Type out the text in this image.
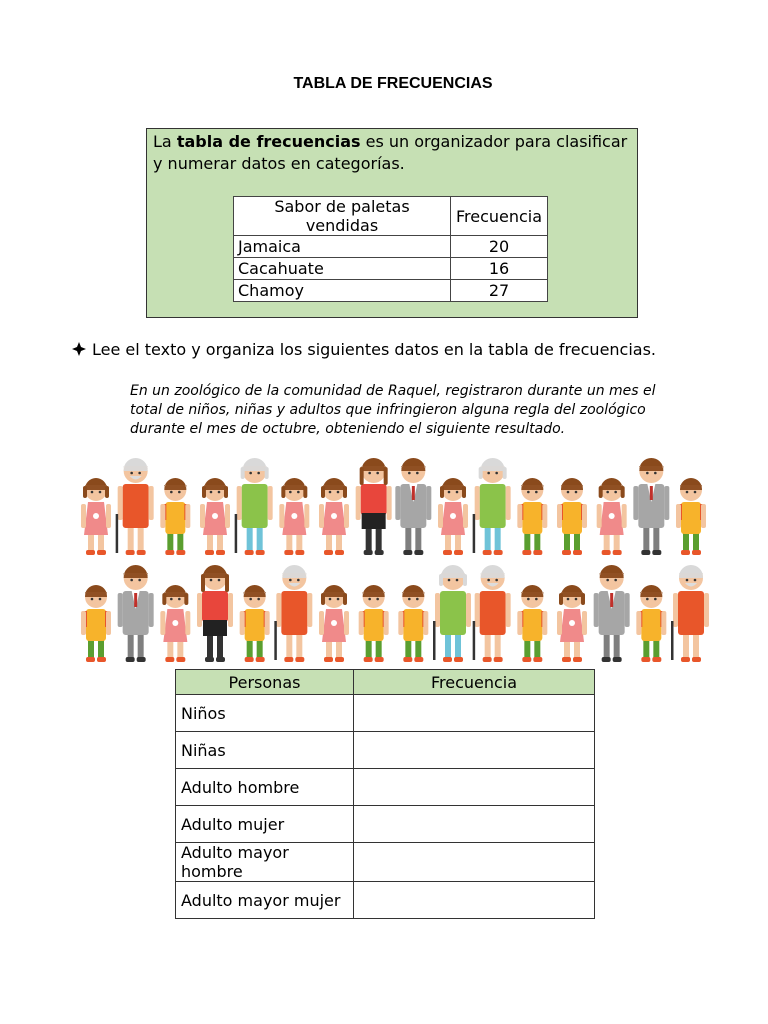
TABLA DE FRECUENCIAS
La tabla de frecuencias es un organizador para clasificar y numerar datos en categorías.
Sabor de paletas vendidas	Frecuencia
Jamaica	20
Cacahuate	16
Chamoy	27
Lee el texto y organiza los siguientes datos en la tabla de frecuencias.
En un zoológico de la comunidad de Raquel, registraron durante un mes el total de niños, niñas y adultos que infringieron alguna regla del zoológico durante el mes de octubre, obteniendo el siguiente resultado.
Personas	Frecuencia
Niños	
Niñas	
Adulto hombre	
Adulto mujer	
Adulto mayor hombre	
Adulto mayor mujer	
